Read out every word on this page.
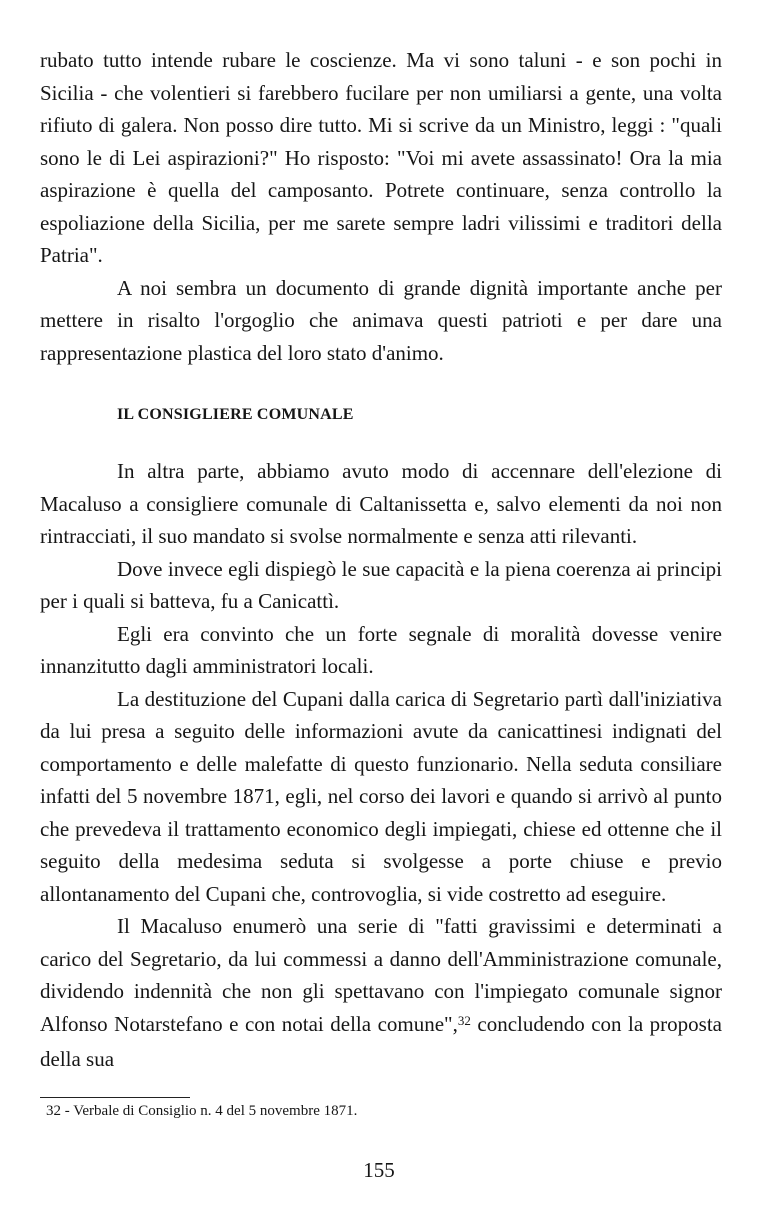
rubato tutto intende rubare le coscienze. Ma vi sono taluni - e son pochi in Sicilia - che volentieri si farebbero fucilare per non umiliarsi a gente, una volta rifiuto di galera. Non posso dire tutto. Mi si scrive da un Ministro, leggi : "quali sono le di Lei aspirazioni?" Ho risposto: "Voi mi avete assassinato! Ora la mia aspirazione è quella del camposanto. Potrete continuare, senza controllo la espoliazione della Sicilia, per me sarete sempre ladri vilissimi e traditori della Patria".

A noi sembra un documento di grande dignità importante anche per mettere in risalto l'orgoglio che animava questi patrioti e per dare una rappresentazione plastica del loro stato d'animo.

IL CONSIGLIERE COMUNALE

In altra parte, abbiamo avuto modo di accennare dell'elezione di Macaluso a consigliere comunale di Caltanissetta e, salvo elementi da noi non rintracciati, il suo mandato si svolse normalmente e senza atti rilevanti.

Dove invece egli dispiegò le sue capacità e la piena coerenza ai principi per i quali si batteva, fu a Canicattì.

Egli era convinto che un forte segnale di moralità dovesse venire innanzitutto dagli amministratori locali.

La destituzione del Cupani dalla carica di Segretario partì dall'iniziativa da lui presa a seguito delle informazioni avute da canicattinesi indignati del comportamento e delle malefatte di questo funzionario. Nella seduta consiliare infatti del 5 novembre 1871, egli, nel corso dei lavori e quando si arrivò al punto che prevedeva il trattamento economico degli impiegati, chiese ed ottenne che il seguito della medesima seduta si svolgesse a porte chiuse e previo allontanamento del Cupani che, controvoglia, si vide costretto ad eseguire.

Il Macaluso enumerò una serie di "fatti gravissimi e determinati a carico del Segretario, da lui commessi a danno dell'Amministrazione comunale, dividendo indennità che non gli spettavano con l'impiegato comunale signor Alfonso Notarstefano e con notai della comune",$^{32}$ concludendo con la proposta della sua

32 - Verbale di Consiglio n. 4 del 5 novembre 1871.

155
